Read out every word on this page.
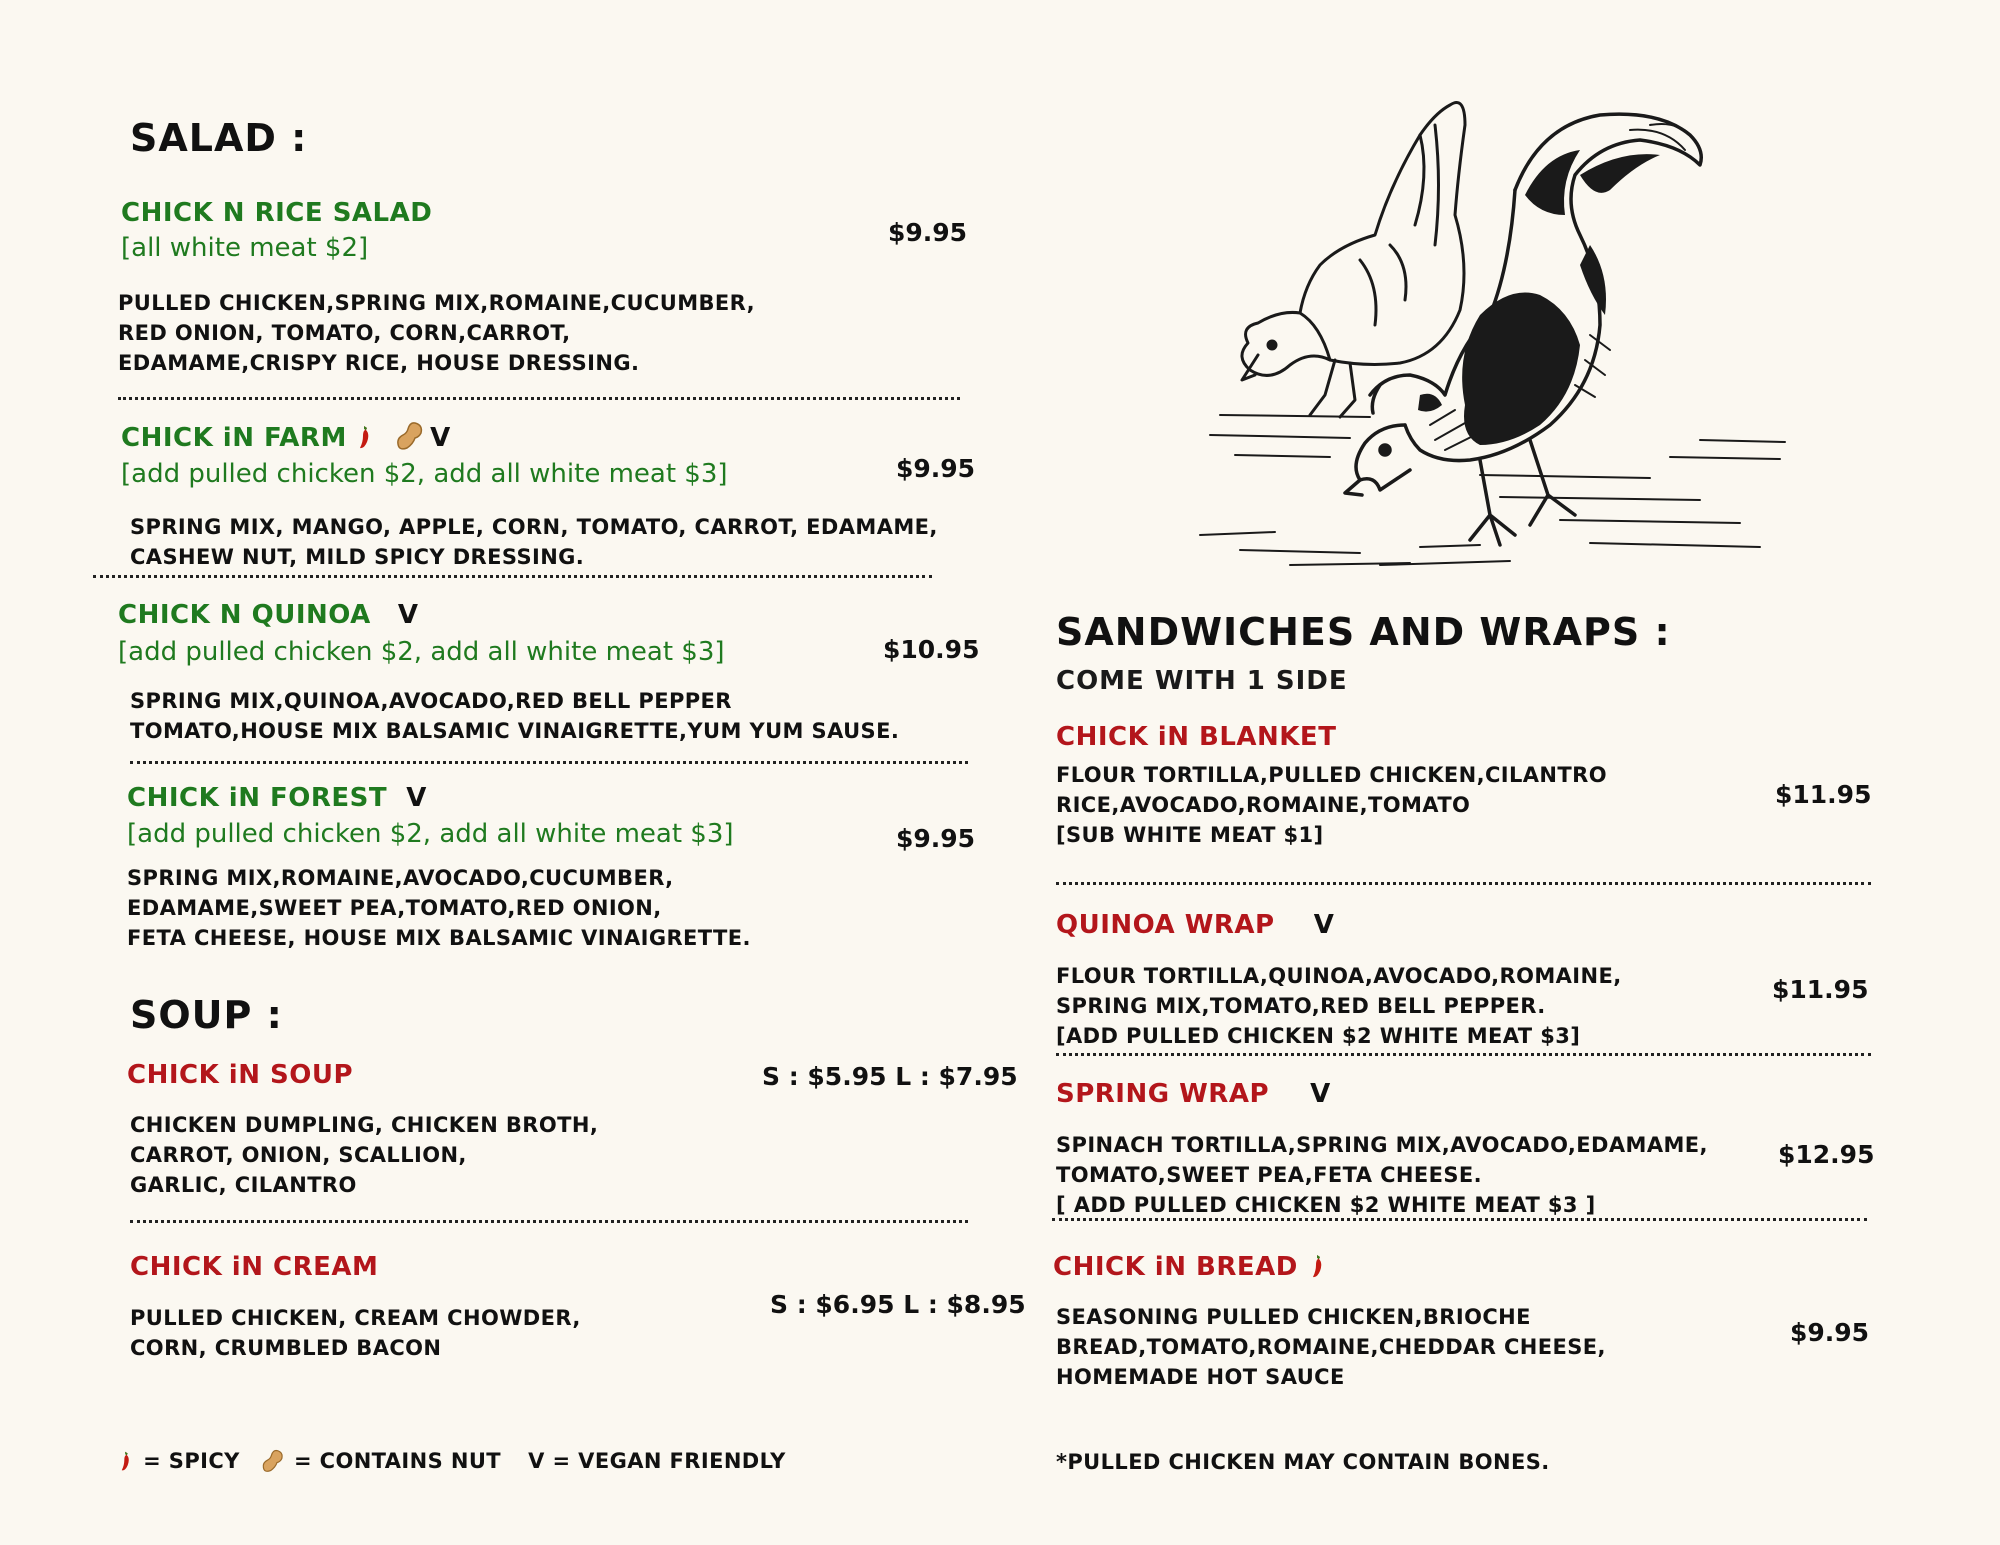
SALAD :
CHICK N RICE SALAD
[all white meat $2]
$9.95
PULLED CHICKEN,SPRING MIX,ROMAINE,CUCUMBER,
RED ONION, TOMATO, CORN,CARROT,
EDAMAME,CRISPY RICE, HOUSE DRESSING.
CHICK iN FARM	V
[add pulled chicken $2, add all white meat $3]	$9.95
SPRING MIX, MANGO, APPLE, CORN, TOMATO, CARROT, EDAMAME,
CASHEW NUT, MILD SPICY DRESSING.
CHICK N QUINOA V
[add pulled chicken $2, add all white meat $3]	$10.95
SPRING MIX,QUINOA,AVOCADO,RED BELL PEPPER
TOMATO,HOUSE MIX BALSAMIC VINAIGRETTE,YUM YUM SAUSE.
CHICK iN FOREST V
[add pulled chicken $2, add all white meat $3]	$9.95
SPRING MIX,ROMAINE,AVOCADO,CUCUMBER,
EDAMAME,SWEET PEA,TOMATO,RED ONION,
FETA CHEESE, HOUSE MIX BALSAMIC VINAIGRETTE.
SOUP :
CHICK iN SOUP	S : $5.95 L : $7.95
CHICKEN DUMPLING, CHICKEN BROTH,
CARROT, ONION, SCALLION,
GARLIC, CILANTRO
CHICK iN CREAM
S : $6.95 L : $8.95
PULLED CHICKEN, CREAM CHOWDER,
CORN, CRUMBLED BACON
= SPICY	= CONTAINS NUT V = VEGAN FRIENDLY
SANDWICHES AND WRAPS :
COME WITH 1 SIDE
CHICK iN BLANKET
FLOUR TORTILLA,PULLED CHICKEN,CILANTRO
RICE,AVOCADO,ROMAINE,TOMATO
[SUB WHITE MEAT $1]
$11.95
QUINOA WRAP V
FLOUR TORTILLA,QUINOA,AVOCADO,ROMAINE,
SPRING MIX,TOMATO,RED BELL PEPPER.
[ADD PULLED CHICKEN $2 WHITE MEAT $3]
$11.95
SPRING WRAP V
SPINACH TORTILLA,SPRING MIX,AVOCADO,EDAMAME,
TOMATO,SWEET PEA,FETA CHEESE.
[ ADD PULLED CHICKEN $2 WHITE MEAT $3 ]
$12.95
CHICK iN BREAD
SEASONING PULLED CHICKEN,BRIOCHE
BREAD,TOMATO,ROMAINE,CHEDDAR CHEESE,
HOMEMADE HOT SAUCE
$9.95
*PULLED CHICKEN MAY CONTAIN BONES.
